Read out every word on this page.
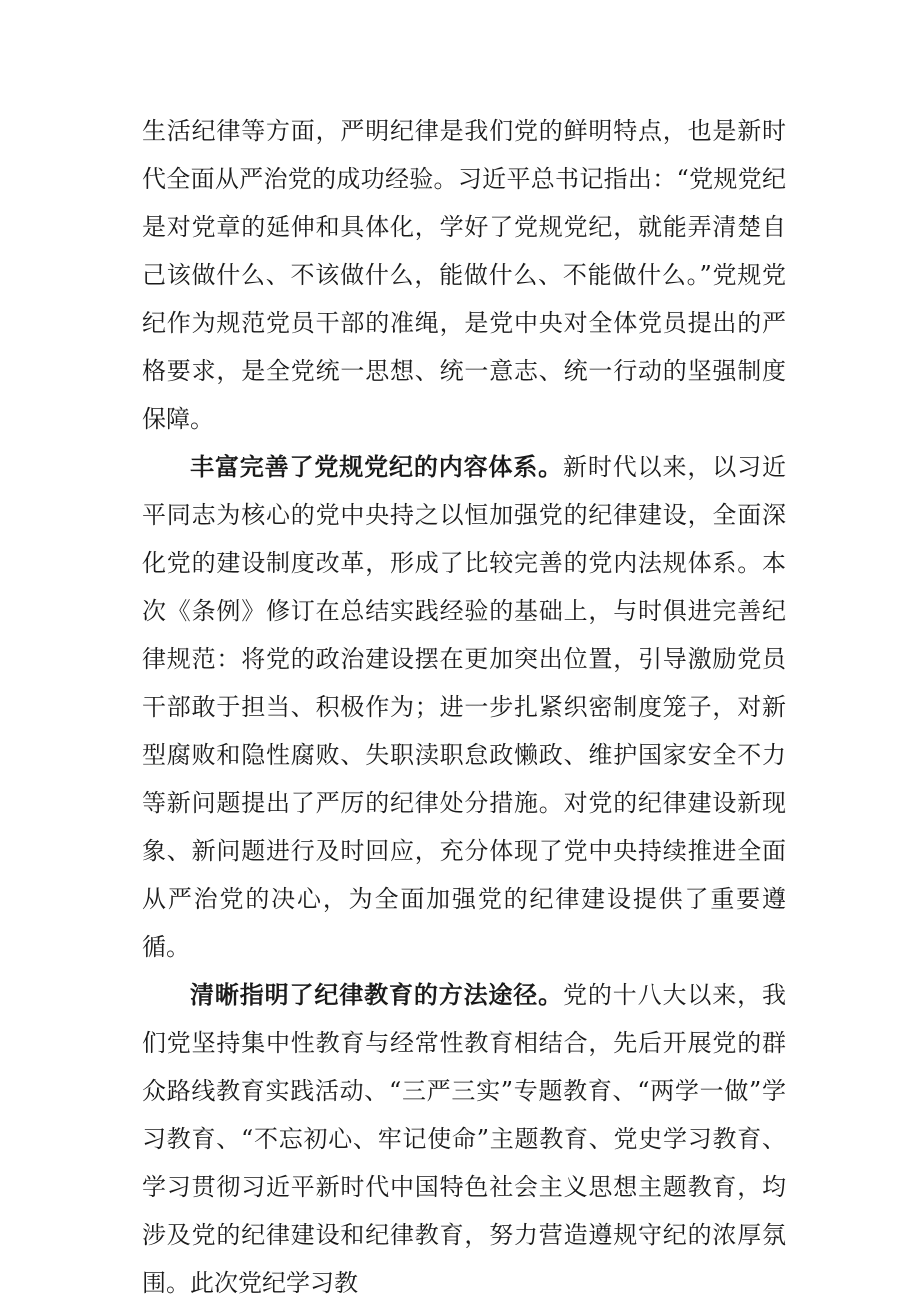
生活纪律等方面，严明纪律是我们党的鲜明特点，也是新时代全面从严治党的成功经验。习近平总书记指出：“党规党纪是对党章的延伸和具体化，学好了党规党纪，就能弄清楚自己该做什么、不该做什么，能做什么、不能做什么。”党规党纪作为规范党员干部的准绳，是党中央对全体党员提出的严格要求，是全党统一思想、统一意志、统一行动的坚强制度保障。

丰富完善了党规党纪的内容体系。新时代以来，以习近平同志为核心的党中央持之以恒加强党的纪律建设，全面深化党的建设制度改革，形成了比较完善的党内法规体系。本次《条例》修订在总结实践经验的基础上，与时俱进完善纪律规范：将党的政治建设摆在更加突出位置，引导激励党员干部敢于担当、积极作为；进一步扎紧织密制度笼子，对新型腐败和隐性腐败、失职渎职怠政懒政、维护国家安全不力等新问题提出了严厉的纪律处分措施。对党的纪律建设新现象、新问题进行及时回应，充分体现了党中央持续推进全面从严治党的决心，为全面加强党的纪律建设提供了重要遵循。

清晰指明了纪律教育的方法途径。党的十八大以来，我们党坚持集中性教育与经常性教育相结合，先后开展党的群众路线教育实践活动、“三严三实”专题教育、“两学一做”学习教育、“不忘初心、牢记使命”主题教育、党史学习教育、学习贯彻习近平新时代中国特色社会主义思想主题教育，均涉及党的纪律建设和纪律教育，努力营造遵规守纪的浓厚氛围。此次党纪学习教
